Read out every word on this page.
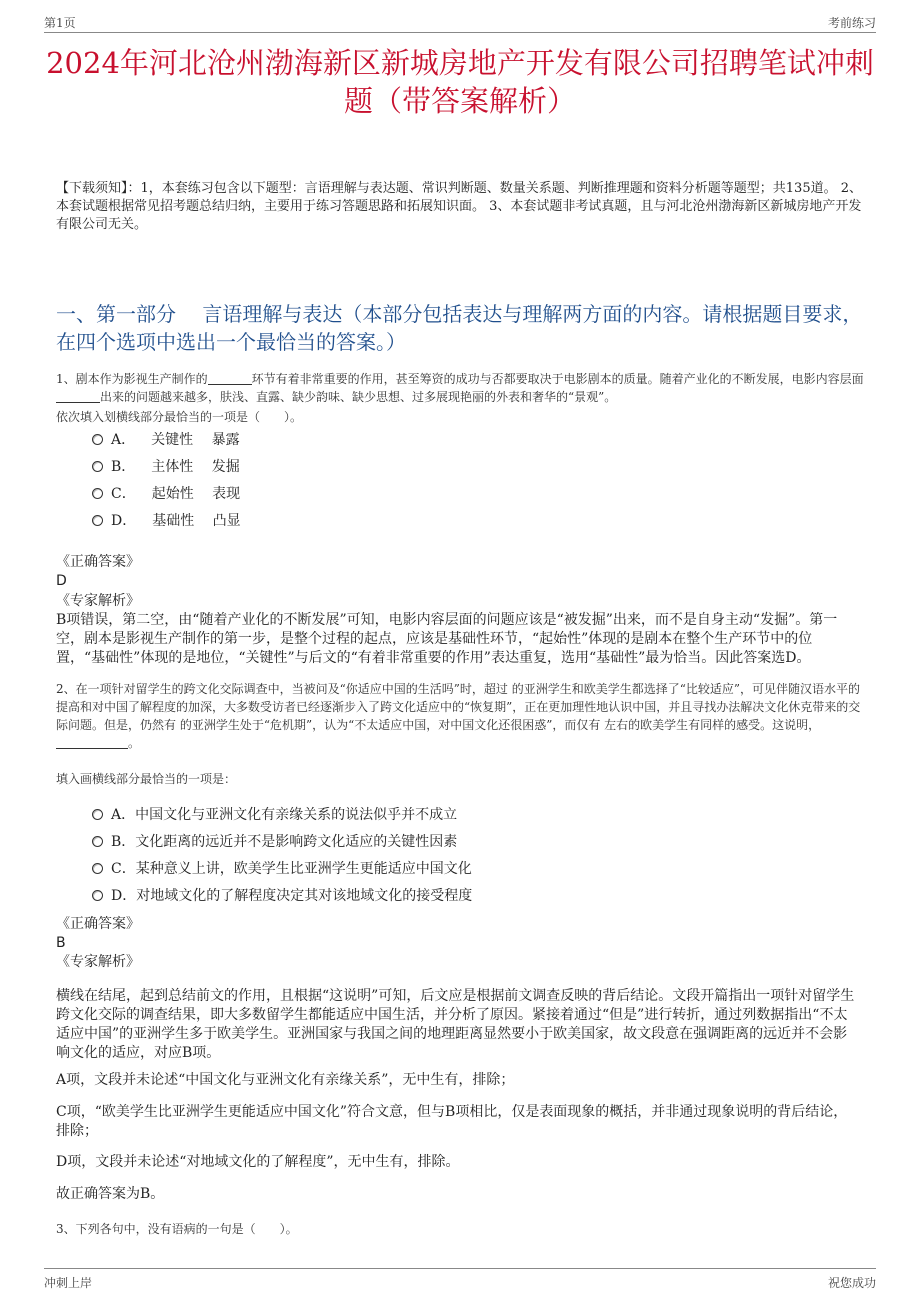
第1页	考前练习
2024年河北沧州渤海新区新城房地产开发有限公司招聘笔试冲刺题（带答案解析）
【下载须知】：1，本套练习包含以下题型：言语理解与表达题、常识判断题、数量关系题、判断推理题和资料分析题等题型；共135道。 2、本套试题根据常见招考题总结归纳，主要用于练习答题思路和拓展知识面。 3、本套试题非考试真题，且与河北沧州渤海新区新城房地产开发有限公司无关。
一、第一部分　 言语理解与表达（本部分包括表达与理解两方面的内容。请根据题目要求，在四个选项中选出一个最恰当的答案。）
1、剧本作为影视生产制作的	环节有着非常重要的作用，甚至筹资的成功与否都要取决于电影剧本的质量。随着产业化的不断发展，电影内容层面出来的问题越来越多，肤浅、直露、缺少韵味、缺少思想、过多展现艳丽的外表和奢华的“景观”。
依次填入划横线部分最恰当的一项是（　　）。
A． 关键性　 暴露
B． 主体性　 发掘
C． 起始性　 表现
D． 基础性　 凸显
《正确答案》
D
《专家解析》
B项错误，第二空，由“随着产业化的不断发展”可知，电影内容层面的问题应该是“被发掘”出来，而不是自身主动“发掘”。第一空，剧本是影视生产制作的第一步，是整个过程的起点，应该是基础性环节，“起始性”体现的是剧本在整个生产环节中的位置，“基础性”体现的是地位，“关键性”与后文的“有着非常重要的作用”表达重复，选用“基础性”最为恰当。因此答案选D。

2、在一项针对留学生的跨文化交际调查中，当被问及“你适应中国的生活吗”时，超过 的亚洲学生和欧美学生都选择了“比较适应”，可见伴随汉语水平的提高和对中国了解程度的加深，大多数受访者已经逐渐步入了跨文化适应中的“恢复期”，正在更加理性地认识中国，并且寻找办法解决文化休克带来的交际问题。但是，仍然有 的亚洲学生处于“危机期”，认为“不太适应中国，对中国文化还很困惑”，而仅有 左右的欧美学生有同样的感受。这说明，。
填入画横线部分最恰当的一项是：
A．中国文化与亚洲文化有亲缘关系的说法似乎并不成立
B．文化距离的远近并不是影响跨文化适应的关键性因素
C．某种意义上讲，欧美学生比亚洲学生更能适应中国文化
D．对地域文化的了解程度决定其对该地域文化的接受程度
《正确答案》
B
《专家解析》
横线在结尾，起到总结前文的作用，且根据“这说明”可知，后文应是根据前文调查反映的背后结论。文段开篇指出一项针对留学生跨文化交际的调查结果，即大多数留学生都能适应中国生活，并分析了原因。紧接着通过“但是”进行转折，通过列数据指出“不太适应中国”的亚洲学生多于欧美学生。亚洲国家与我国之间的地理距离显然要小于欧美国家，故文段意在强调距离的远近并不会影响文化的适应，对应B项。
A项，文段并未论述“中国文化与亚洲文化有亲缘关系”，无中生有，排除；
C项，“欧美学生比亚洲学生更能适应中国文化”符合文意，但与B项相比，仅是表面现象的概括，并非通过现象说明的背后结论，排除；
D项，文段并未论述“对地域文化的了解程度”，无中生有，排除。
故正确答案为B。
3、下列各句中，没有语病的一句是（　　）。
冲刺上岸	祝您成功
